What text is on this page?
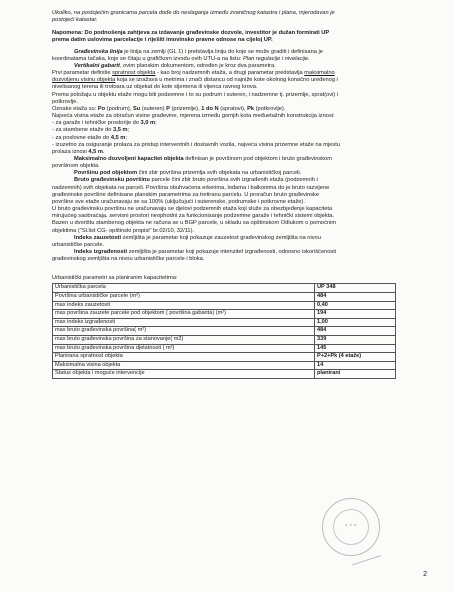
Ukoliko, na postojećim granicama parcela dođe do neslaganja između zvaničnog katastra i plana, mjerodavan je

postojeći katastar.

Napomena: Do podnošenja zahtjeva za izdavanje građevinske dozvole, investitor je dužan formirati UP

prema datim uslovima parcelacije i riješiti imovinsko pravne odnose na cijeloj UP.

Građevinska linija je linija na zemlji (GL 1) i pretstavlja liniju do koje se može graditi i definisana je

koordinatama tačaka, koje se čitaju u grafičkom izvodu ovih UTU-a na listu: Plan regulacije i nivelacije.

Vertikalni gabarit, ovim planskim dokumentom, određen je kroz dva parametra.

Prvi parametar definiše spratnost objekta - kao broj nadzemnih etaža, a drugi parametar predstavlja maksimalno

dozvoljenu visinu objekta koja se izražava u metrima i znači distancu od najniže kote okolnog konačno uređenog i

nivelisanog terena ili trotoara uz objekat do kote sljemena ili vijenca ravnog krova.

Prema položaju u objektu etaže mogu biti podzemne i to su podrum i suteren, i nadzemne tj. prizemlje, sprat(ovi) i

potkrovlje.

Oznake etaža su: Po (podrum), Su (suteren) P (prizemlje), 1 do N (spratovi), Pk (potkrovlje).

Najveća visina etaže za obračun visine građevine, mjerena između gornjih kota međuetažnih konstrukcija iznosi:

- za garaže i tehničke prostorije do 3,0 m;

- za stambene etaže do 3,5 m;

- za poslovne etaže do 4,5 m;

- izuzetno za osiguranje prolaza za pristup interventnih i dostavnih vozila, najveća visina prizemne etaže na mjestu

prolaza iznosi 4,5 m.

Maksimalno dozvoljeni kapacitet objekta definisan je površinom pod objektom i bruto građevinskom

površinom objekta.

Površinu pod objektom čini zbir površina prizemlja svih objekata na urbanističkoj parceli.

Bruto građevinsku površinu parcele čini zbir bruto površina svih izgrađenih etaža (podzemnih i

nadzemnih) svih objekata na parceli. Površina obuhvaćena erkerima, lođama i balkonima do je bruto razvijene

građevinske površine definisane planskim parametrima za tretiranu parcelu. U proračun bruto građevinske

površine sve etaže uračunavaju se sa 100% (uključujući i suterenske, podrumske i potkrovne etaže).

U bruto građevinsku površinu ne uračunavaju se djelovi podzemnih etaža koji služe za obezbjeđenje kapaciteta

mirujućeg saobraćaja, servisni prostori neophodni za funkcionisanje podzemne garaže i tehnički sistemi objekta.

Bazen u dvorištu stambenog objekta ne računa se u BGP parcele, u skladu sa opštinskom Odlukom o pomoćnim

objektima ("Sl.list CG- opštinski propisi" br.02/10, 32/11).

Indeks zauzetosti zemljišta je parametar koji pokazuje zauzetost građevinskog zemljišta na nivou

urbanističke parcele.

Indeks izgrađenosti zemljišta je parametar koji pokazuje intenzitet izgrađenosti, odnosno iskorišćenosti

građevinskog zemljišta na nivou urbanističke parcele i bloka.

Urbanistički parametri sa planiranim kapacitetima:

Urbanistička parcela	UP 348
Površina urbanističke parcele (m²)	484
max indeks zauzetosti	0,40
max površina zauzete parcele pod objektom ( površina gabarita) (m²)	194
max indeks izgrađenosti	1,00
max bruto građevinska površina( m²)	484
max bruto građevinska površina za stanovanje( m2)	339
max bruto građevinska površina djelatnosti ( m²)	145
Planirana spratnost objekta	P+2+Pk (4 etaže)
Maksimalna visina objekta	14
Status objekta i moguće intervencije	planirani
● ● ●
2
